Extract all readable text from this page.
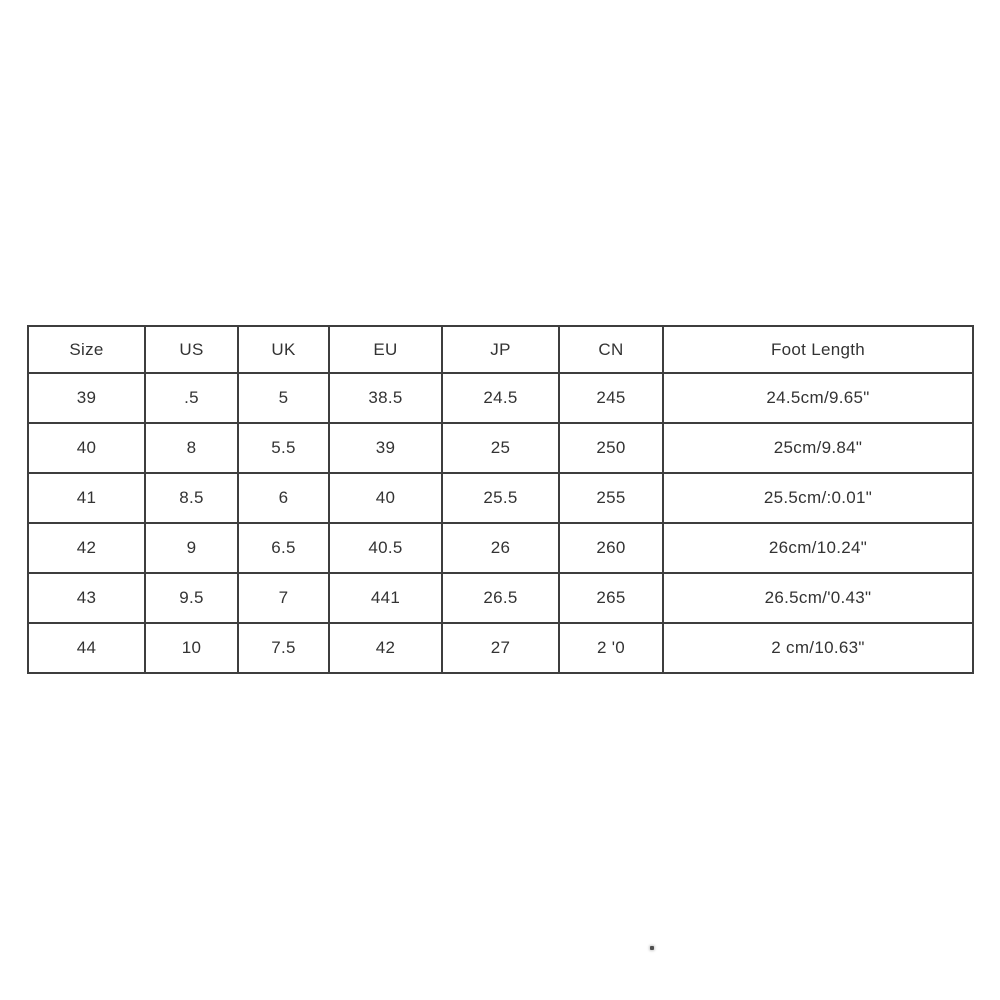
Size	US	UK	EU	JP	CN	Foot Length
39	.5	5	38.5	24.5	245	24.5cm/9.65"
40	8	5.5	39	25	250	25cm/9.84"
41	8.5	6	40	25.5	255	25.5cm/:0.01"
42	9	6.5	40.5	26	260	26cm/10.24"
43	9.5	7	441	26.5	265	26.5cm/'0.43"
44	10	7.5	42	27	2 '0	2 cm/10.63"
